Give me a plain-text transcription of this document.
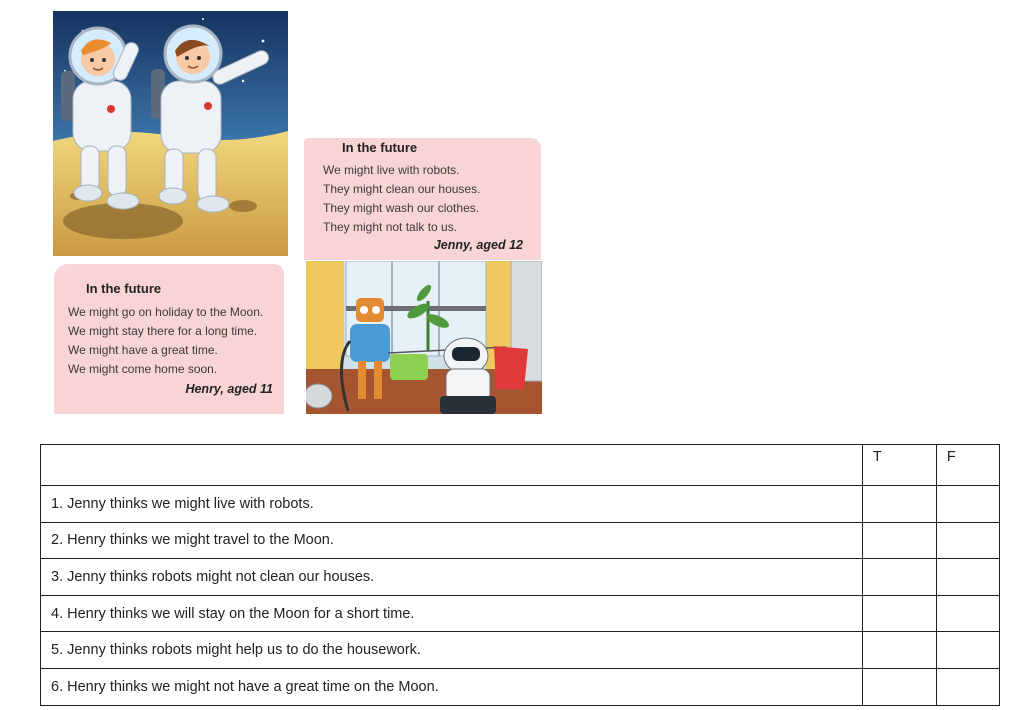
In the future
We might live with robots.
They might clean our houses.
They might wash our clothes.
They might not talk to us.
Jenny, aged 12
In the future
We might go on holiday to the Moon.
We might stay there for a long time.
We might have a great time.
We might come home soon.
Henry, aged 11
	T	F
1. Jenny thinks we might live with robots.		
2. Henry thinks we might travel to the Moon.		
3. Jenny thinks robots might not clean our houses.		
4. Henry thinks we will stay on the Moon for a short time.		
5. Jenny thinks robots might help us to do the housework.		
6. Henry thinks we might not have a great time on the Moon.		
